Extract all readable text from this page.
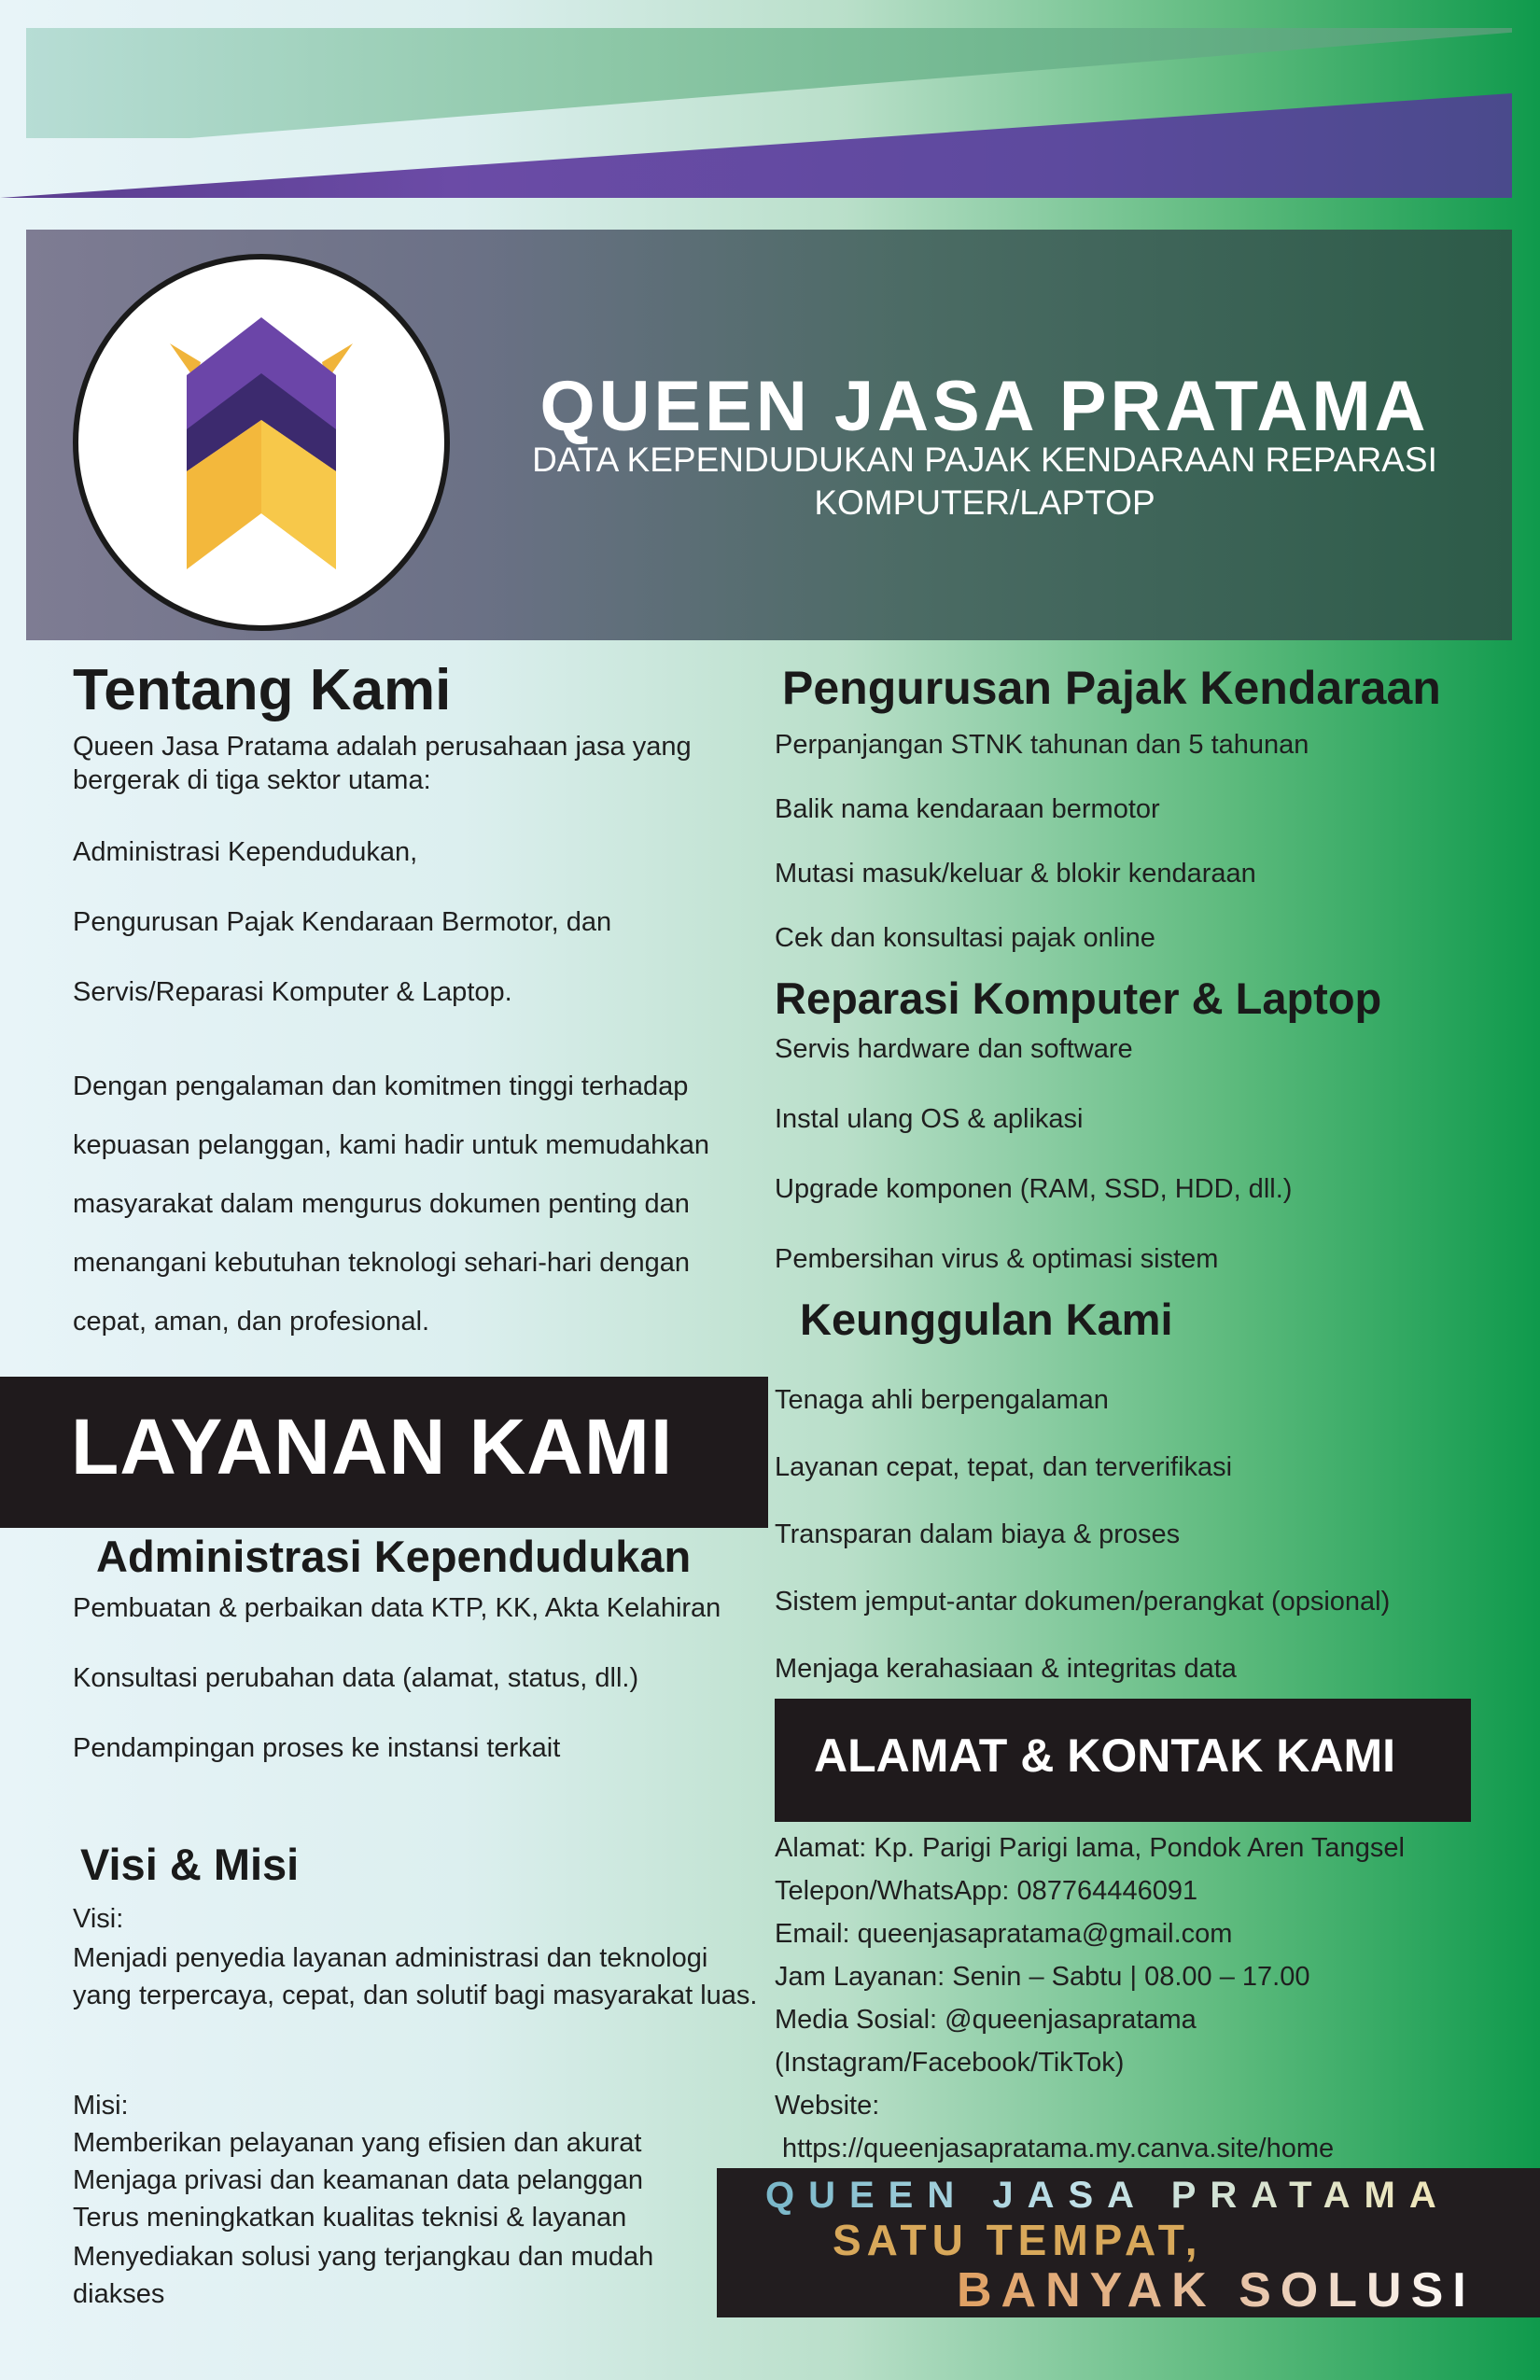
QUEEN JASA PRATAMA
DATA KEPENDUDUKAN PAJAK KENDARAAN REPARASI KOMPUTER/LAPTOP
Tentang Kami
Queen Jasa Pratama adalah perusahaan jasa yang bergerak di tiga sektor utama:
Administrasi Kependudukan,
Pengurusan Pajak Kendaraan Bermotor, dan
Servis/Reparasi Komputer & Laptop.
Dengan pengalaman dan komitmen tinggi terhadap
kepuasan pelanggan, kami hadir untuk memudahkan
masyarakat dalam mengurus dokumen penting dan
menangani kebutuhan teknologi sehari-hari dengan
cepat, aman, dan profesional.
LAYANAN KAMI
Administrasi Kependudukan
Pembuatan & perbaikan data KTP, KK, Akta Kelahiran
Konsultasi perubahan data (alamat, status, dll.)
Pendampingan proses ke instansi terkait
Visi & Misi
Visi:
Menjadi penyedia layanan administrasi dan teknologi yang terpercaya, cepat, dan solutif bagi masyarakat luas.
Misi:
Memberikan pelayanan yang efisien dan akurat
Menjaga privasi dan keamanan data pelanggan
Terus meningkatkan kualitas teknisi & layanan
Menyediakan solusi yang terjangkau dan mudah diakses
Pengurusan Pajak Kendaraan
Perpanjangan STNK tahunan dan 5 tahunan
Balik nama kendaraan bermotor
Mutasi masuk/keluar & blokir kendaraan
Cek dan konsultasi pajak online
Reparasi Komputer & Laptop
Servis hardware dan software
Instal ulang OS & aplikasi
Upgrade komponen (RAM, SSD, HDD, dll.)
Pembersihan virus & optimasi sistem
Keunggulan Kami
Tenaga ahli berpengalaman
Layanan cepat, tepat, dan terverifikasi
Transparan dalam biaya & proses
Sistem jemput-antar dokumen/perangkat (opsional)
Menjaga kerahasiaan & integritas data
ALAMAT & KONTAK KAMI
Alamat: Kp. Parigi Parigi lama, Pondok Aren Tangsel
Telepon/WhatsApp: 087764446091
Email: queenjasapratama@gmail.com
Jam Layanan: Senin – Sabtu | 08.00 – 17.00
Media Sosial: @queenjasapratama
(Instagram/Facebook/TikTok)
Website:
https://queenjasapratama.my.canva.site/home
QUEEN JASA PRATAMA
SATU TEMPAT,
BANYAK SOLUSI
